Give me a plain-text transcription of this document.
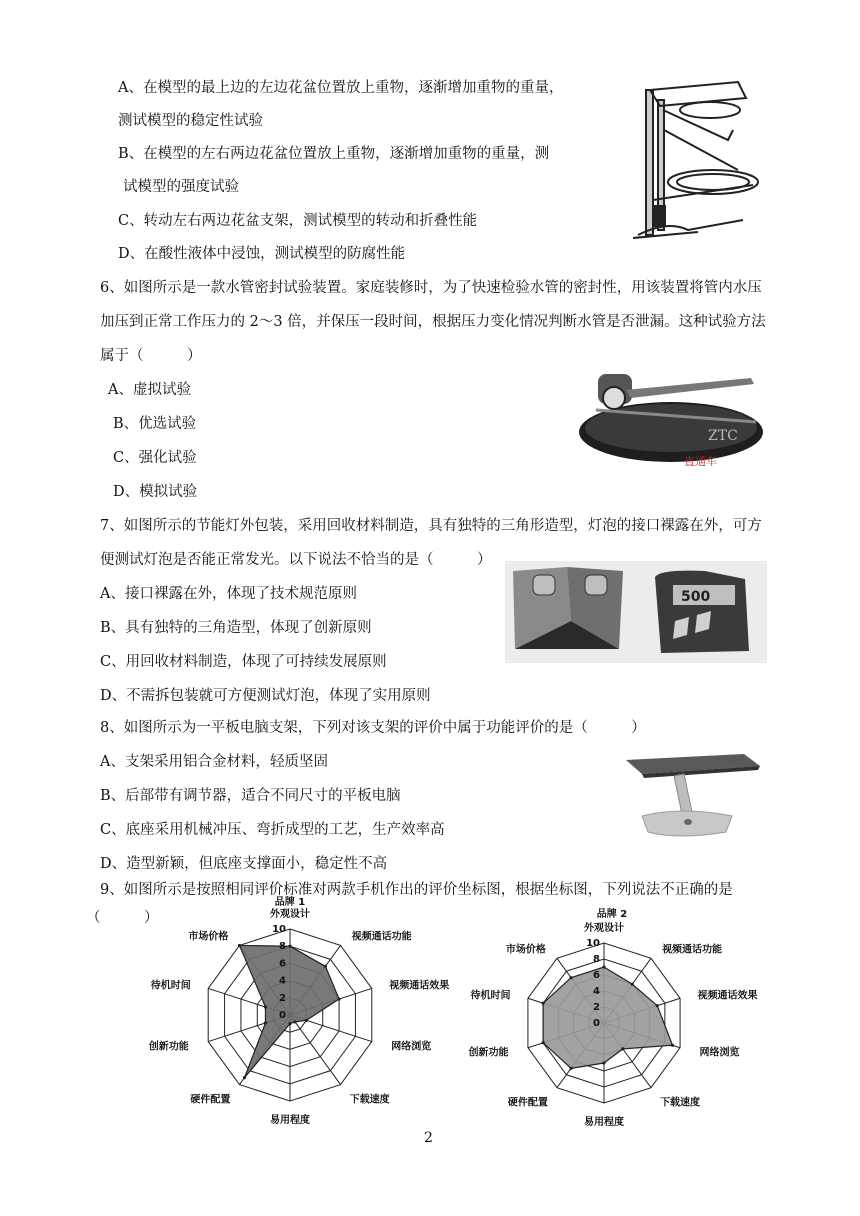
A、在模型的最上边的左边花盆位置放上重物，逐渐增加重物的重量，
测试模型的稳定性试验
B、在模型的左右两边花盆位置放上重物，逐渐增加重物的重量，测
试模型的强度试验
C、转动左右两边花盆支架，测试模型的转动和折叠性能
D、在酸性液体中浸蚀，测试模型的防腐性能
6、如图所示是一款水管密封试验装置。家庭装修时，为了快速检验水管的密封性，用该装置将管内水压
加压到正常工作压力的 2～3 倍，并保压一段时间，根据压力变化情况判断水管是否泄漏。这种试验方法
属于（　　　）
A、虚拟试验
B、优选试验
C、强化试验
D、模拟试验
ZTC
直通车
7、如图所示的节能灯外包装，采用回收材料制造，具有独特的三角形造型，灯泡的接口裸露在外，可方
便测试灯泡是否能正常发光。以下说法不恰当的是（　　　）
A、接口裸露在外，体现了技术规范原则
B、具有独特的三角造型，体现了创新原则
C、用回收材料制造，体现了可持续发展原则
D、不需拆包装就可方便测试灯泡，体现了实用原则
500
8、如图所示为一平板电脑支架，下列对该支架的评价中属于功能评价的是（　　　）
A、支架采用铝合金材料，轻质坚固
B、后部带有调节器，适合不同尺寸的平板电脑
C、底座采用机械冲压、弯折成型的工艺，生产效率高
D、造型新颖，但底座支撑面小，稳定性不高
9、如图所示是按照相同评价标准对两款手机作出的评价坐标图，根据坐标图，下列说法不正确的是
（　　　）
0
2
4
6
8
10
外观设计
视频通话功能
视频通话效果
网络浏览
下载速度
易用程度
硬件配置
创新功能
待机时间
市场价格
品牌 1
0
2
4
6
8
10
外观设计
视频通话功能
视频通话效果
网络浏览
下载速度
易用程度
硬件配置
创新功能
待机时间
市场价格
品牌 2
2
